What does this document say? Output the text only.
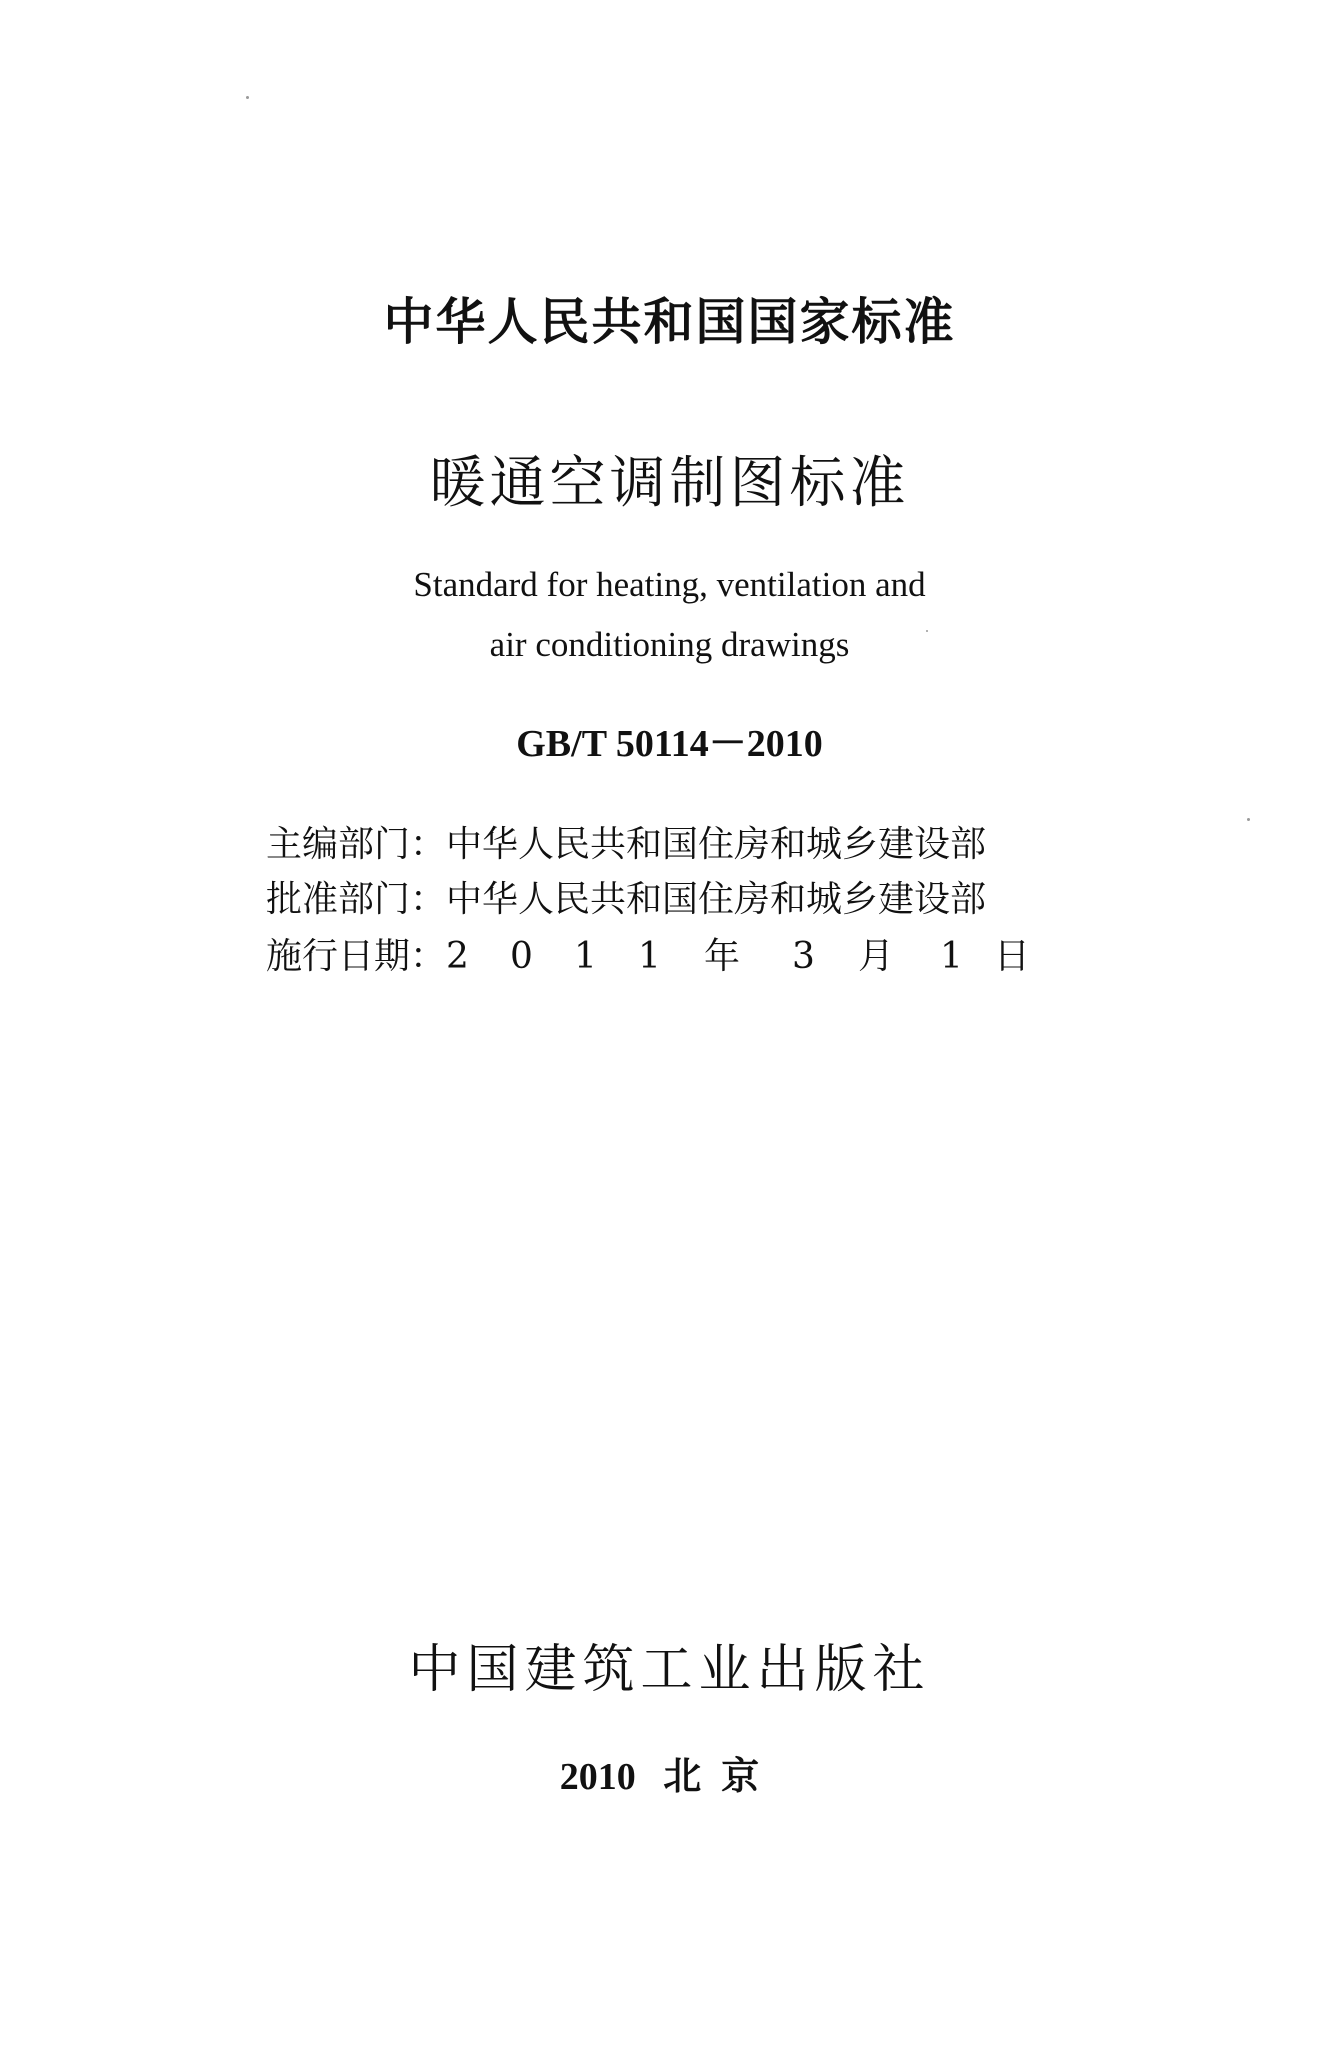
中华人民共和国国家标准
暖通空调制图标准
Standard for heating, ventilation and
air conditioning drawings
GB/T 50114－2010
主编部门：中华人民共和国住房和城乡建设部
批准部门：中华人民共和国住房和城乡建设部
施行日期： 2 0 1 1 年 3 月 1 日
中国建筑工业出版社
2010 北京
